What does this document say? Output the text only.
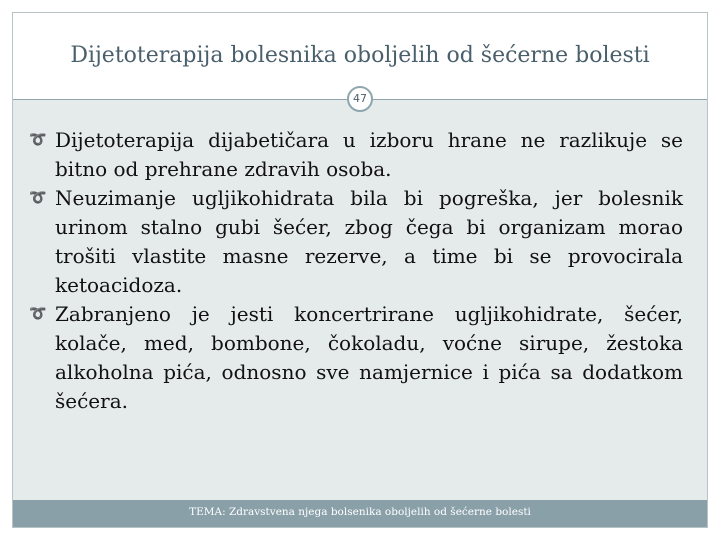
Dijetoterapija bolesnika oboljelih od šećerne bolesti
➰ Dijetoterapija dijabetičara u izboru hrane ne razlikuje se bitno od prehrane zdravih osoba.
➰ Neuzimanje ugljikohidrata bila bi pogreška, jer bolesnik urinom stalno gubi šećer, zbog čega bi organizam morao trošiti vlastite masne rezerve, a time bi se provocirala ketoacidoza.
➰ Zabranjeno je jesti koncertrirane ugljikohidrate, šećer, kolače, med, bombone, čokoladu, voćne sirupe, žestoka alkoholna pića, odnosno sve namjernice i pića sa dodatkom šećera.
47
TEMA: Zdravstvena njega bolsenika oboljelih od šećerne bolesti
